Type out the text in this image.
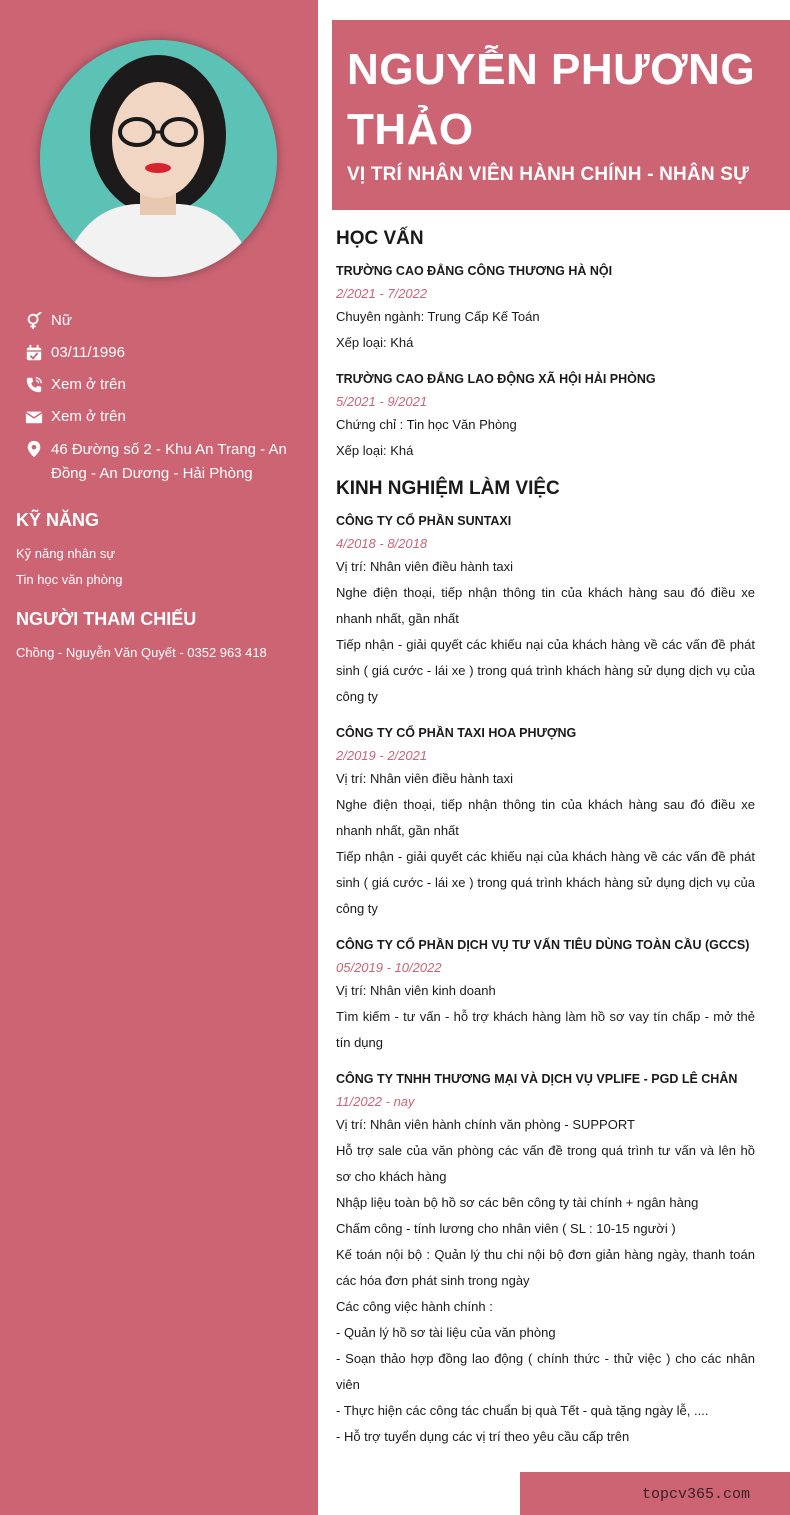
Nữ
03/11/1996
Xem ở trên
Xem ở trên
46 Đường số 2 - Khu An Trang - An Đồng - An Dương - Hải Phòng
KỸ NĂNG
Kỹ năng nhân sự
Tin học văn phòng
NGƯỜI THAM CHIẾU
Chồng - Nguyễn Văn Quyết - 0352 963 418
NGUYỄN PHƯƠNG THẢO
VỊ TRÍ NHÂN VIÊN HÀNH CHÍNH - NHÂN SỰ
HỌC VẤN
TRƯỜNG CAO ĐẲNG CÔNG THƯƠNG HÀ NỘI
2/2021 - 7/2022
Chuyên ngành: Trung Cấp Kế Toán
Xếp loại: Khá
TRƯỜNG CAO ĐẲNG LAO ĐỘNG XÃ HỘI HẢI PHÒNG
5/2021 - 9/2021
Chứng chỉ : Tin học Văn Phòng
Xếp loại: Khá
KINH NGHIỆM LÀM VIỆC
CÔNG TY CỔ PHẦN SUNTAXI
4/2018 - 8/2018
Vị trí: Nhân viên điều hành taxi
Nghe điện thoại, tiếp nhận thông tin của khách hàng sau đó điều xe nhanh nhất, gần nhất
Tiếp nhận - giải quyết các khiếu nại của khách hàng về các vấn đề phát sinh ( giá cước - lái xe ) trong quá trình khách hàng sử dụng dịch vụ của công ty
CÔNG TY CỔ PHẦN TAXI HOA PHƯỢNG
2/2019 - 2/2021
Vị trí: Nhân viên điều hành taxi
Nghe điện thoại, tiếp nhận thông tin của khách hàng sau đó điều xe nhanh nhất, gần nhất
Tiếp nhận - giải quyết các khiếu nại của khách hàng về các vấn đề phát sinh ( giá cước - lái xe ) trong quá trình khách hàng sử dụng dịch vụ của công ty
CÔNG TY CỔ PHẦN DỊCH VỤ TƯ VẤN TIÊU DÙNG TOÀN CẦU (GCCS)
05/2019 - 10/2022
Vị trí: Nhân viên kinh doanh
Tìm kiếm - tư vấn - hỗ trợ khách hàng làm hồ sơ vay tín chấp - mở thẻ tín dụng
CÔNG TY TNHH THƯƠNG MẠI VÀ DỊCH VỤ VPLIFE - PGD LÊ CHÂN
11/2022 - nay
Vị trí: Nhân viên hành chính văn phòng - SUPPORT
Hỗ trợ sale của văn phòng các vấn đề trong quá trình tư vấn và lên hồ sơ cho khách hàng
Nhập liệu toàn bộ hồ sơ các bên công ty tài chính + ngân hàng
Chấm công - tính lương cho nhân viên ( SL : 10-15 người )
Kế toán nội bộ : Quản lý thu chi nội bộ đơn giản hàng ngày, thanh toán các hóa đơn phát sinh trong ngày
Các công việc hành chính :
- Quản lý hồ sơ tài liệu của văn phòng
- Soạn thảo hợp đồng lao động ( chính thức - thử việc ) cho các nhân viên
- Thực hiện các công tác chuẩn bị quà Tết - quà tặng ngày lễ, ....
- Hỗ trợ tuyển dụng các vị trí theo yêu cầu cấp trên
topcv365.com
